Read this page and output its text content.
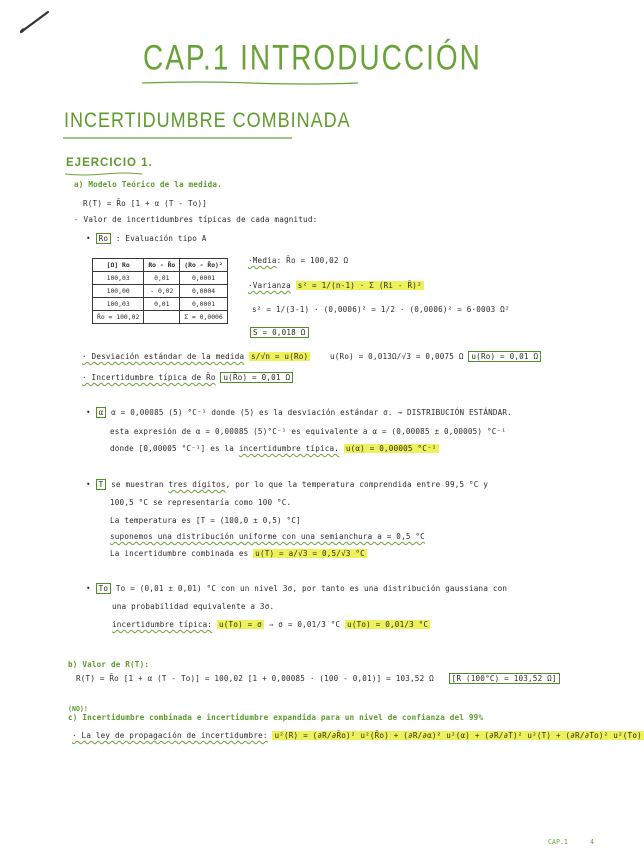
CAP.1 INTRODUCCIÓN
INCERTIDUMBRE COMBINADA
EJERCICIO 1.
a) Modelo Teórico de la medida.
R(T) = R̄o [1 + α (T - To)]
- Valor de incertidumbres típicas de cada magnitud:
• Ro : Evaluación tipo A
[Ω] Ro	Ro - R̄o	(Ro - R̄o)²
100,03	0,01	0,0001
100,00	- 0,02	0,0004
100,03	0,01	0,0001
R̄o = 100,02		Σ = 0,0006
·Media: R̄o = 100,02 Ω
·Varianza s² = 1/(n-1) · Σ (Ri - R̄)²
s² = 1/(3-1) · (0,0006)² = 1/2 · (0,0006)² = 6·0003 Ω²
S = 0,018 Ω
· Desviación estándar de la medida s/√n = u(Ro)	u(Ro) = 0,013Ω/√3 = 0,0075 Ω u(Ro) = 0,01 Ω
· Incertidumbre típica de R̄o u(R̄o) = 0,01 Ω
• α α = 0,00085 (5) °C⁻¹ donde (5) es la desviación estándar σ. → DISTRIBUCIÓN ESTÁNDAR.
esta expresión de α = 0,00085 (5)°C⁻¹ es equivalente a α = (0,00085 ± 0,00005) °C⁻¹
donde [0,00005 °C⁻¹] es la incertidumbre típica. u(α) = 0,00005 °C⁻¹
• T se muestran tres dígitos, por lo que la temperatura comprendida entre 99,5 °C y
100,5 °C se representaría como 100 °C.
La temperatura es [T = (100,0 ± 0,5) °C]
suponemos una distribución uniforme con una semianchura a = 0,5 °C
La incertidumbre combinada es u(T) = a/√3 = 0,5/√3 °C
• To To = (0,01 ± 0,01) °C con un nivel 3σ, por tanto es una distribución gaussiana con
una probabilidad equivalente a 3σ.
incertidumbre típica: u(To) = σ ⇒ σ = 0,01/3 °C u(To) = 0,01/3 °C
b) Valor de R(T):
R(T) = R̄o [1 + α (T - To)] = 100,02 [1 + 0,00085 · (100 - 0,01)] = 103,52 Ω [R (100°C) = 103,52 Ω]
(NO)!
c) Incertidumbre combinada e incertidumbre expandida para un nivel de confianza del 99%
· La ley de propagación de incertidumbre: u²(R) = (∂R/∂R̄o)² u²(R̄o) + (∂R/∂α)² u²(α) + (∂R/∂T)² u²(T) + (∂R/∂To)² u²(To)
CAP.1	4
